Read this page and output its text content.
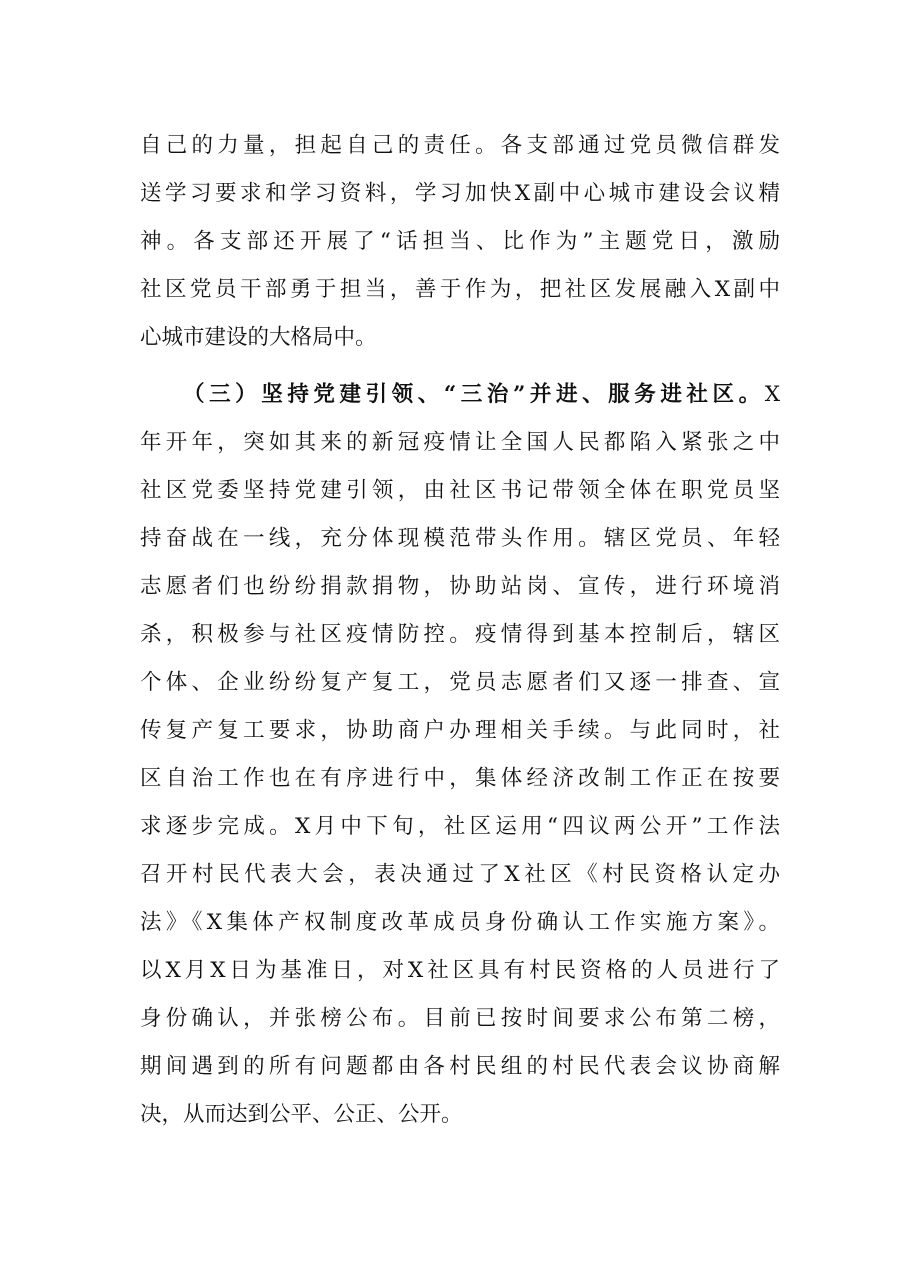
自己的力量，担起自己的责任。各支部通过党员微信群发
送学习要求和学习资料，学习加快X副中心城市建设会议精
神。各支部还开展了“话担当、比作为”主题党日，激励
社区党员干部勇于担当，善于作为，把社区发展融入X副中
心城市建设的大格局中。
（三）坚持党建引领、“三治”并进、服务进社区。X
年开年，突如其来的新冠疫情让全国人民都陷入紧张之中
社区党委坚持党建引领，由社区书记带领全体在职党员坚
持奋战在一线，充分体现模范带头作用。辖区党员、年轻
志愿者们也纷纷捐款捐物，协助站岗、宣传，进行环境消
杀，积极参与社区疫情防控。疫情得到基本控制后，辖区
个体、企业纷纷复产复工，党员志愿者们又逐一排查、宣
传复产复工要求，协助商户办理相关手续。与此同时，社
区自治工作也在有序进行中，集体经济改制工作正在按要
求逐步完成。X月中下旬，社区运用“四议两公开”工作法
召开村民代表大会，表决通过了X社区《村民资格认定办
法》《X集体产权制度改革成员身份确认工作实施方案》。
以X月X日为基准日，对X社区具有村民资格的人员进行了
身份确认，并张榜公布。目前已按时间要求公布第二榜，
期间遇到的所有问题都由各村民组的村民代表会议协商解
决，从而达到公平、公正、公开。
